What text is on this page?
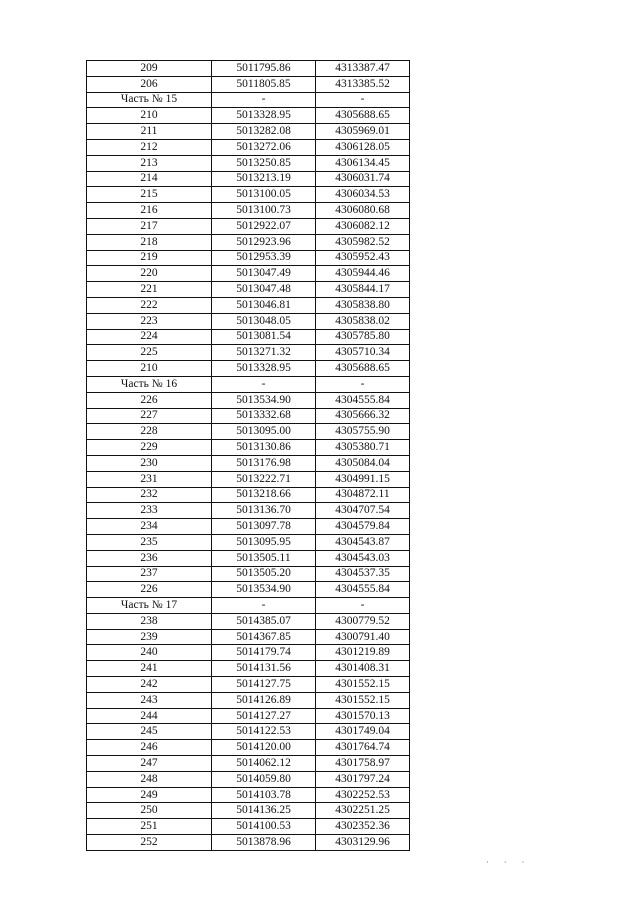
209	5011795.86	4313387.47
206	5011805.85	4313385.52
Часть № 15	-	-
210	5013328.95	4305688.65
211	5013282.08	4305969.01
212	5013272.06	4306128.05
213	5013250.85	4306134.45
214	5013213.19	4306031.74
215	5013100.05	4306034.53
216	5013100.73	4306080.68
217	5012922.07	4306082.12
218	5012923.96	4305982.52
219	5012953.39	4305952.43
220	5013047.49	4305944.46
221	5013047.48	4305844.17
222	5013046.81	4305838.80
223	5013048.05	4305838.02
224	5013081.54	4305785.80
225	5013271.32	4305710.34
210	5013328.95	4305688.65
Часть № 16	-	-
226	5013534.90	4304555.84
227	5013332.68	4305666.32
228	5013095.00	4305755.90
229	5013130.86	4305380.71
230	5013176.98	4305084.04
231	5013222.71	4304991.15
232	5013218.66	4304872.11
233	5013136.70	4304707.54
234	5013097.78	4304579.84
235	5013095.95	4304543.87
236	5013505.11	4304543.03
237	5013505.20	4304537.35
226	5013534.90	4304555.84
Часть № 17	-	-
238	5014385.07	4300779.52
239	5014367.85	4300791.40
240	5014179.74	4301219.89
241	5014131.56	4301408.31
242	5014127.75	4301552.15
243	5014126.89	4301552.15
244	5014127.27	4301570.13
245	5014122.53	4301749.04
246	5014120.00	4301764.74
247	5014062.12	4301758.97
248	5014059.80	4301797.24
249	5014103.78	4302252.53
250	5014136.25	4302251.25
251	5014100.53	4302352.36
252	5013878.96	4303129.96
· · ·
